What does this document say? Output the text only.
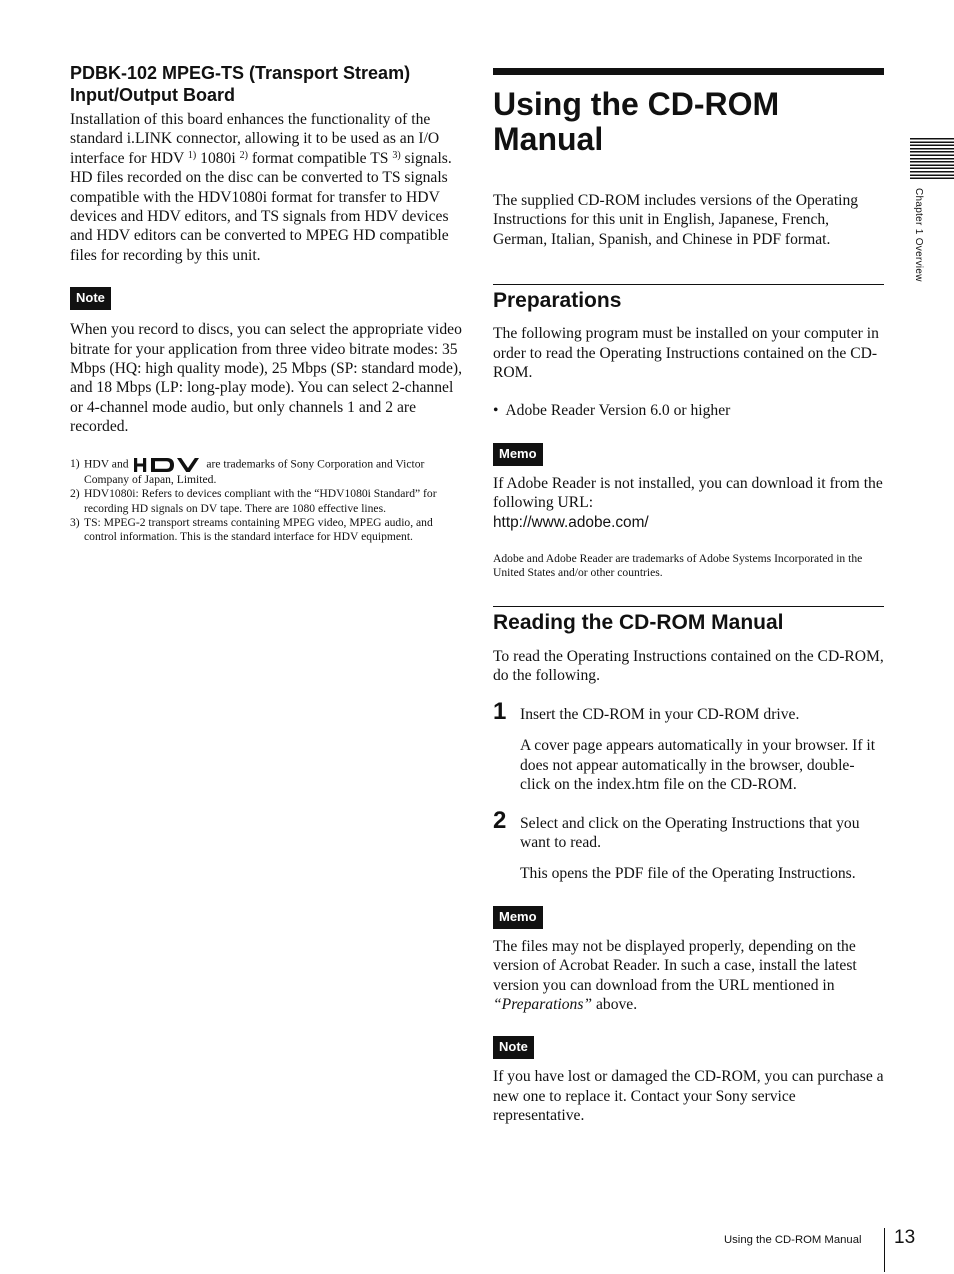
PDBK-102 MPEG-TS (Transport Stream)
Input/Output Board

Installation of this board enhances the functionality of the standard i.LINK connector, allowing it to be used as an I/O interface for HDV $^{1)}$ 1080i $^{2)}$ format compatible TS $^{3)}$ signals.

HD files recorded on the disc can be converted to TS signals compatible with the HDV1080i format for transfer to HDV devices and HDV editors, and TS signals from HDV devices and HDV editors can be converted to MPEG HD compatible files for recording by this unit.

Note

When you record to discs, you can select the appropriate video bitrate for your application from three video bitrate modes: 35 Mbps (HQ: high quality mode), 25 Mbps (SP: standard mode), and 18 Mbps (LP: long-play mode). You can select 2-channel or 4-channel mode audio, but only channels 1 and 2 are recorded.

1) HDV and	are trademarks of Sony Corporation and Victor Company of Japan, Limited.
2) HDV1080i: Refers to devices compliant with the “HDV1080i Standard” for recording HD signals on DV tape. There are 1080 effective lines.
3) TS: MPEG-2 transport streams containing MPEG video, MPEG audio, and control information. This is the standard interface for HDV equipment.
Using the CD-ROM
Manual

The supplied CD-ROM includes versions of the Operating Instructions for this unit in English, Japanese, French, German, Italian, Spanish, and Chinese in PDF format.

Preparations

The following program must be installed on your computer in order to read the Operating Instructions contained on the CD-ROM.

•  Adobe Reader Version 6.0 or higher

Memo

If Adobe Reader is not installed, you can download it from the following URL:

http://www.adobe.com/

Adobe and Adobe Reader are trademarks of Adobe Systems Incorporated in the United States and/or other countries.

Reading the CD-ROM Manual

To read the Operating Instructions contained on the CD-ROM, do the following.

1 Insert the CD-ROM in your CD-ROM drive.

A cover page appears automatically in your browser. If it does not appear automatically in the browser, double-click on the index.htm file on the CD-ROM.

2 Select and click on the Operating Instructions that you want to read.

This opens the PDF file of the Operating Instructions.

Memo

The files may not be displayed properly, depending on the version of Acrobat Reader. In such a case, install the latest version you can download from the URL mentioned in “Preparations” above.

Note

If you have lost or damaged the CD-ROM, you can purchase a new one to replace it. Contact your Sony service representative.

Chapter 1 Overview
Using the CD-ROM Manual 13
